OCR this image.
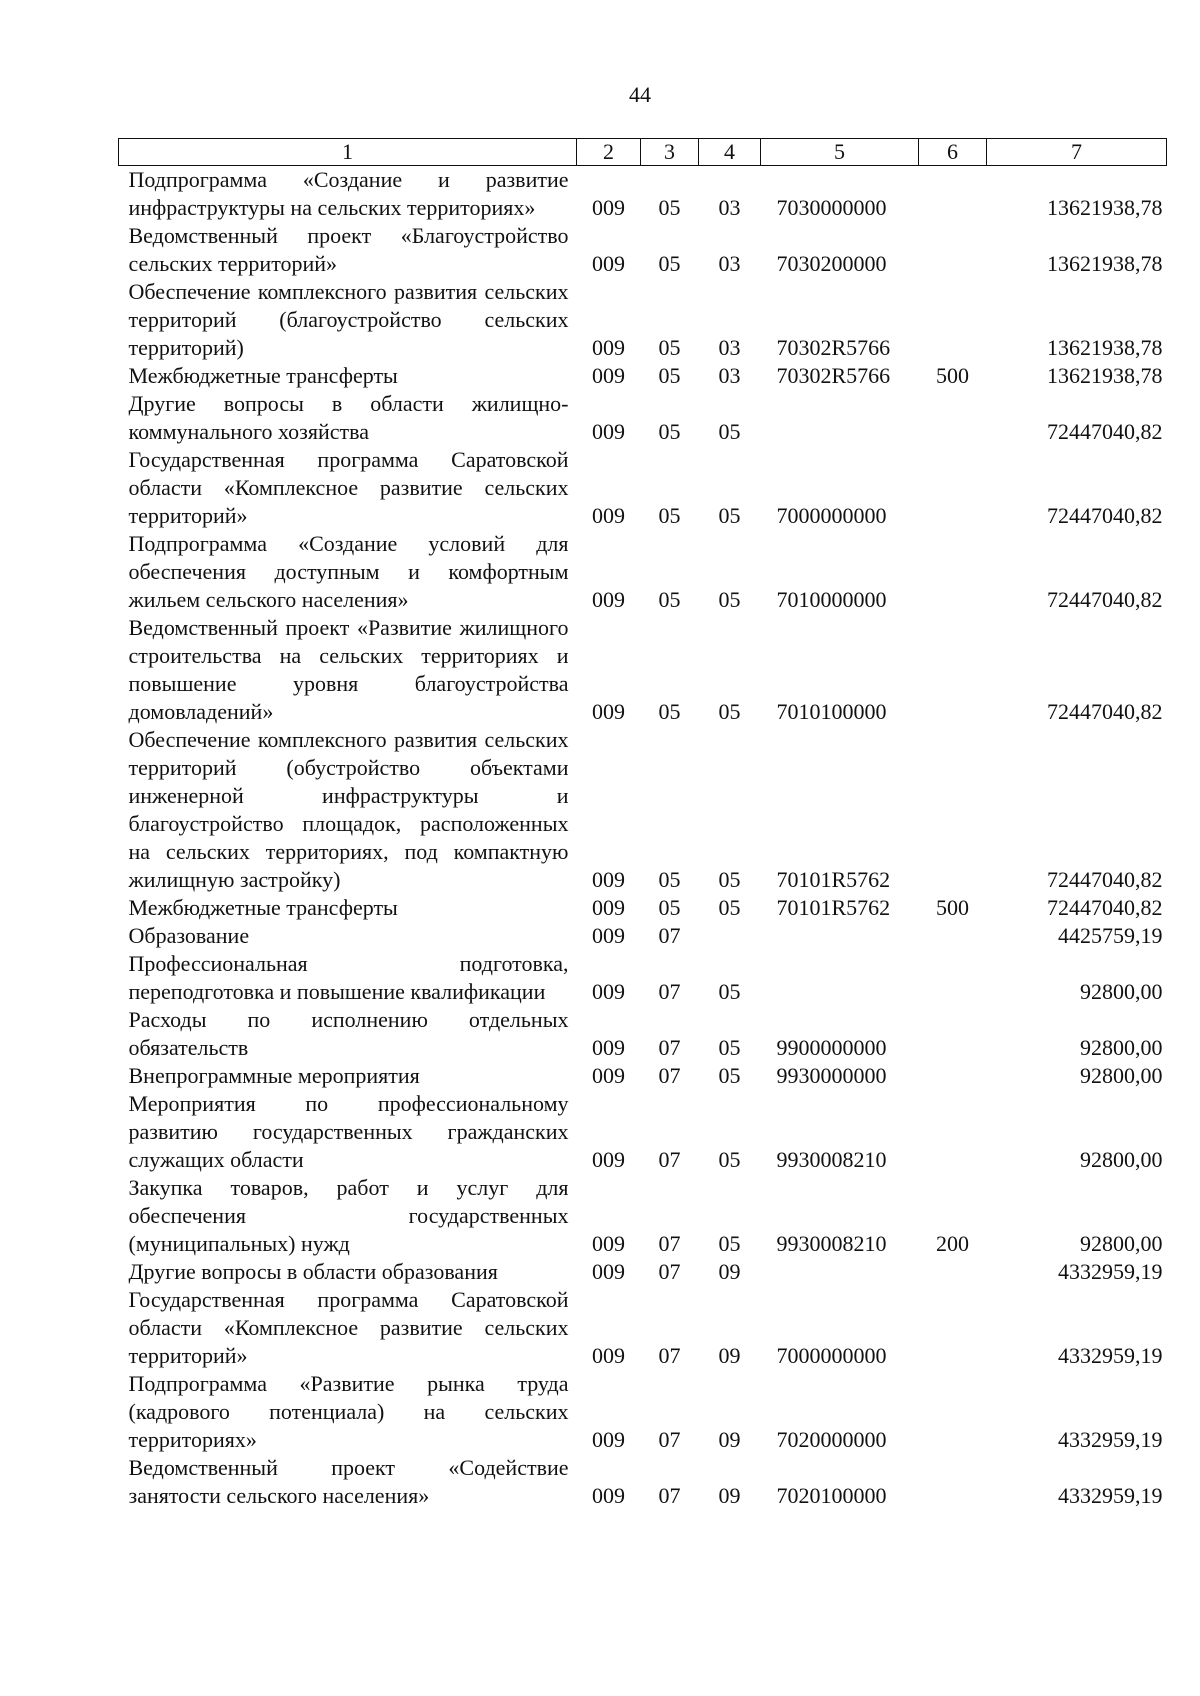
44
1	2	3	4	5	6	7
Подпрограмма «Создание и развитие инфраструктуры на сельских территориях»	009	05	03	7030000000		13621938,78
Ведомственный проект «Благоустройство сельских территорий»	009	05	03	7030200000		13621938,78
Обеспечение комплексного развития сельских территорий (благоустройство сельских территорий)	009	05	03	70302R5766		13621938,78
Межбюджетные трансферты	009	05	03	70302R5766	500	13621938,78
Другие вопросы в области жилищно-коммунального хозяйства	009	05	05			72447040,82
Государственная программа Саратовской области «Комплексное развитие сельских территорий»	009	05	05	7000000000		72447040,82
Подпрограмма «Создание условий для обеспечения доступным и комфортным жильем сельского населения»	009	05	05	7010000000		72447040,82
Ведомственный проект «Развитие жилищного строительства на сельских территориях и повышение уровня благоустройства домовладений»	009	05	05	7010100000		72447040,82
Обеспечение комплексного развития сельских территорий (обустройство объектами инженерной инфраструктуры и благоустройство площадок, расположенных на сельских территориях, под компактную жилищную застройку)	009	05	05	70101R5762		72447040,82
Межбюджетные трансферты	009	05	05	70101R5762	500	72447040,82
Образование	009	07				4425759,19
Профессиональная подготовка, переподготовка и повышение квалификации	009	07	05			92800,00
Расходы по исполнению отдельных обязательств	009	07	05	9900000000		92800,00
Внепрограммные мероприятия	009	07	05	9930000000		92800,00
Мероприятия по профессиональному развитию государственных гражданских служащих области	009	07	05	9930008210		92800,00
Закупка товаров, работ и услуг для обеспечения государственных (муниципальных) нужд	009	07	05	9930008210	200	92800,00
Другие вопросы в области образования	009	07	09			4332959,19
Государственная программа Саратовской области «Комплексное развитие сельских территорий»	009	07	09	7000000000		4332959,19
Подпрограмма «Развитие рынка труда (кадрового потенциала) на сельских территориях»	009	07	09	7020000000		4332959,19
Ведомственный проект «Содействие занятости сельского населения»	009	07	09	7020100000		4332959,19
